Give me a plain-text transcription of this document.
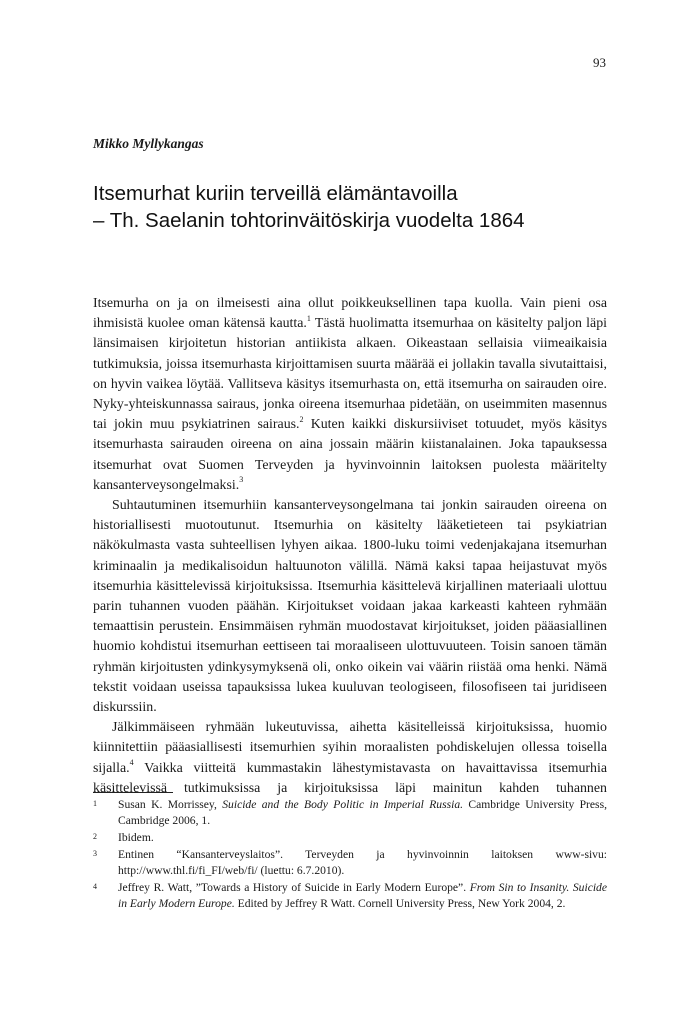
93
Mikko Myllykangas
Itsemurhat kuriin terveillä elämäntavoilla
– Th. Saelanin tohtorinväitöskirja vuodelta 1864

Itsemurha on ja on ilmeisesti aina ollut poikkeuksellinen tapa kuolla. Vain pieni osa ihmisistä kuolee oman kätensä kautta.$^1$ Tästä huolimatta itsemurhaa on käsitelty paljon läpi länsimaisen kirjoitetun historian antiikista alkaen. Oikeastaan sellaisia viimeaikaisia tutkimuksia, joissa itsemurhasta kirjoittamisen suurta määrää ei jollakin tavalla sivutaittaisi, on hyvin vaikea löytää. Vallitseva käsitys itsemurhasta on, että itsemurha on sairauden oire. Nyky-yhteiskunnassa sairaus, jonka oireena itsemurhaa pidetään, on useimmiten masennus tai jokin muu psykiatrinen sairaus.$^2$ Kuten kaikki diskursiiviset totuudet, myös käsitys itsemurhasta sairauden oireena on aina jossain määrin kiistanalainen. Joka tapauksessa itsemurhat ovat Suomen Terveyden ja hyvinvoinnin laitoksen puolesta määritelty kansanterveysongelmaksi.$^3$

Suhtautuminen itsemurhiin kansanterveysongelmana tai jonkin sairauden oireena on historiallisesti muotoutunut. Itsemurhia on käsitelty lääketieteen tai psykiatrian näkökulmasta vasta suhteellisen lyhyen aikaa. 1800-luku toimi vedenjakajana itsemurhan kriminaalin ja medikalisoidun haltuunoton välillä. Nämä kaksi tapaa heijastuvat myös itsemurhia käsittelevissä kirjoituksissa. Itsemurhia käsittelevä kirjallinen materiaali ulottuu parin tuhannen vuoden päähän. Kirjoitukset voidaan jakaa karkeasti kahteen ryhmään temaattisin perustein. Ensimmäisen ryhmän muodostavat kirjoitukset, joiden pääasiallinen huomio kohdistui itsemurhan eettiseen tai moraaliseen ulottuvuuteen. Toisin sanoen tämän ryhmän kirjoitusten ydinkysymyksenä oli, onko oikein vai väärin riistää oma henki. Nämä tekstit voidaan useissa tapauksissa lukea kuuluvan teologiseen, filosofiseen tai juridiseen diskurssiin.

Jälkimmäiseen ryhmään lukeutuvissa, aihetta käsitelleissä kirjoituksissa, huomio kiinnitettiin pääasiallisesti itsemurhien syihin moraalisten pohdiskelujen ollessa toisella sijalla.$^4$ Vaikka viitteitä kummastakin lähestymistavasta on havaittavissa itsemurhia käsittelevissä tutkimuksissa ja kirjoituksissa läpi mainitun kahden tuhannen

1	Susan K. Morrissey, Suicide and the Body Politic in Imperial Russia. Cambridge University Press, Cambridge 2006, 1.
2	Ibidem.
3	Entinen “Kansanterveyslaitos”. Terveyden ja hyvinvoinnin laitoksen www-sivu: http://www.thl.fi/fi_FI/web/fi/ (luettu: 6.7.2010).
4	Jeffrey R. Watt, ”Towards a History of Suicide in Early Modern Europe”. From Sin to Insanity. Suicide in Early Modern Europe. Edited by Jeffrey R Watt. Cornell University Press, New York 2004, 2.
